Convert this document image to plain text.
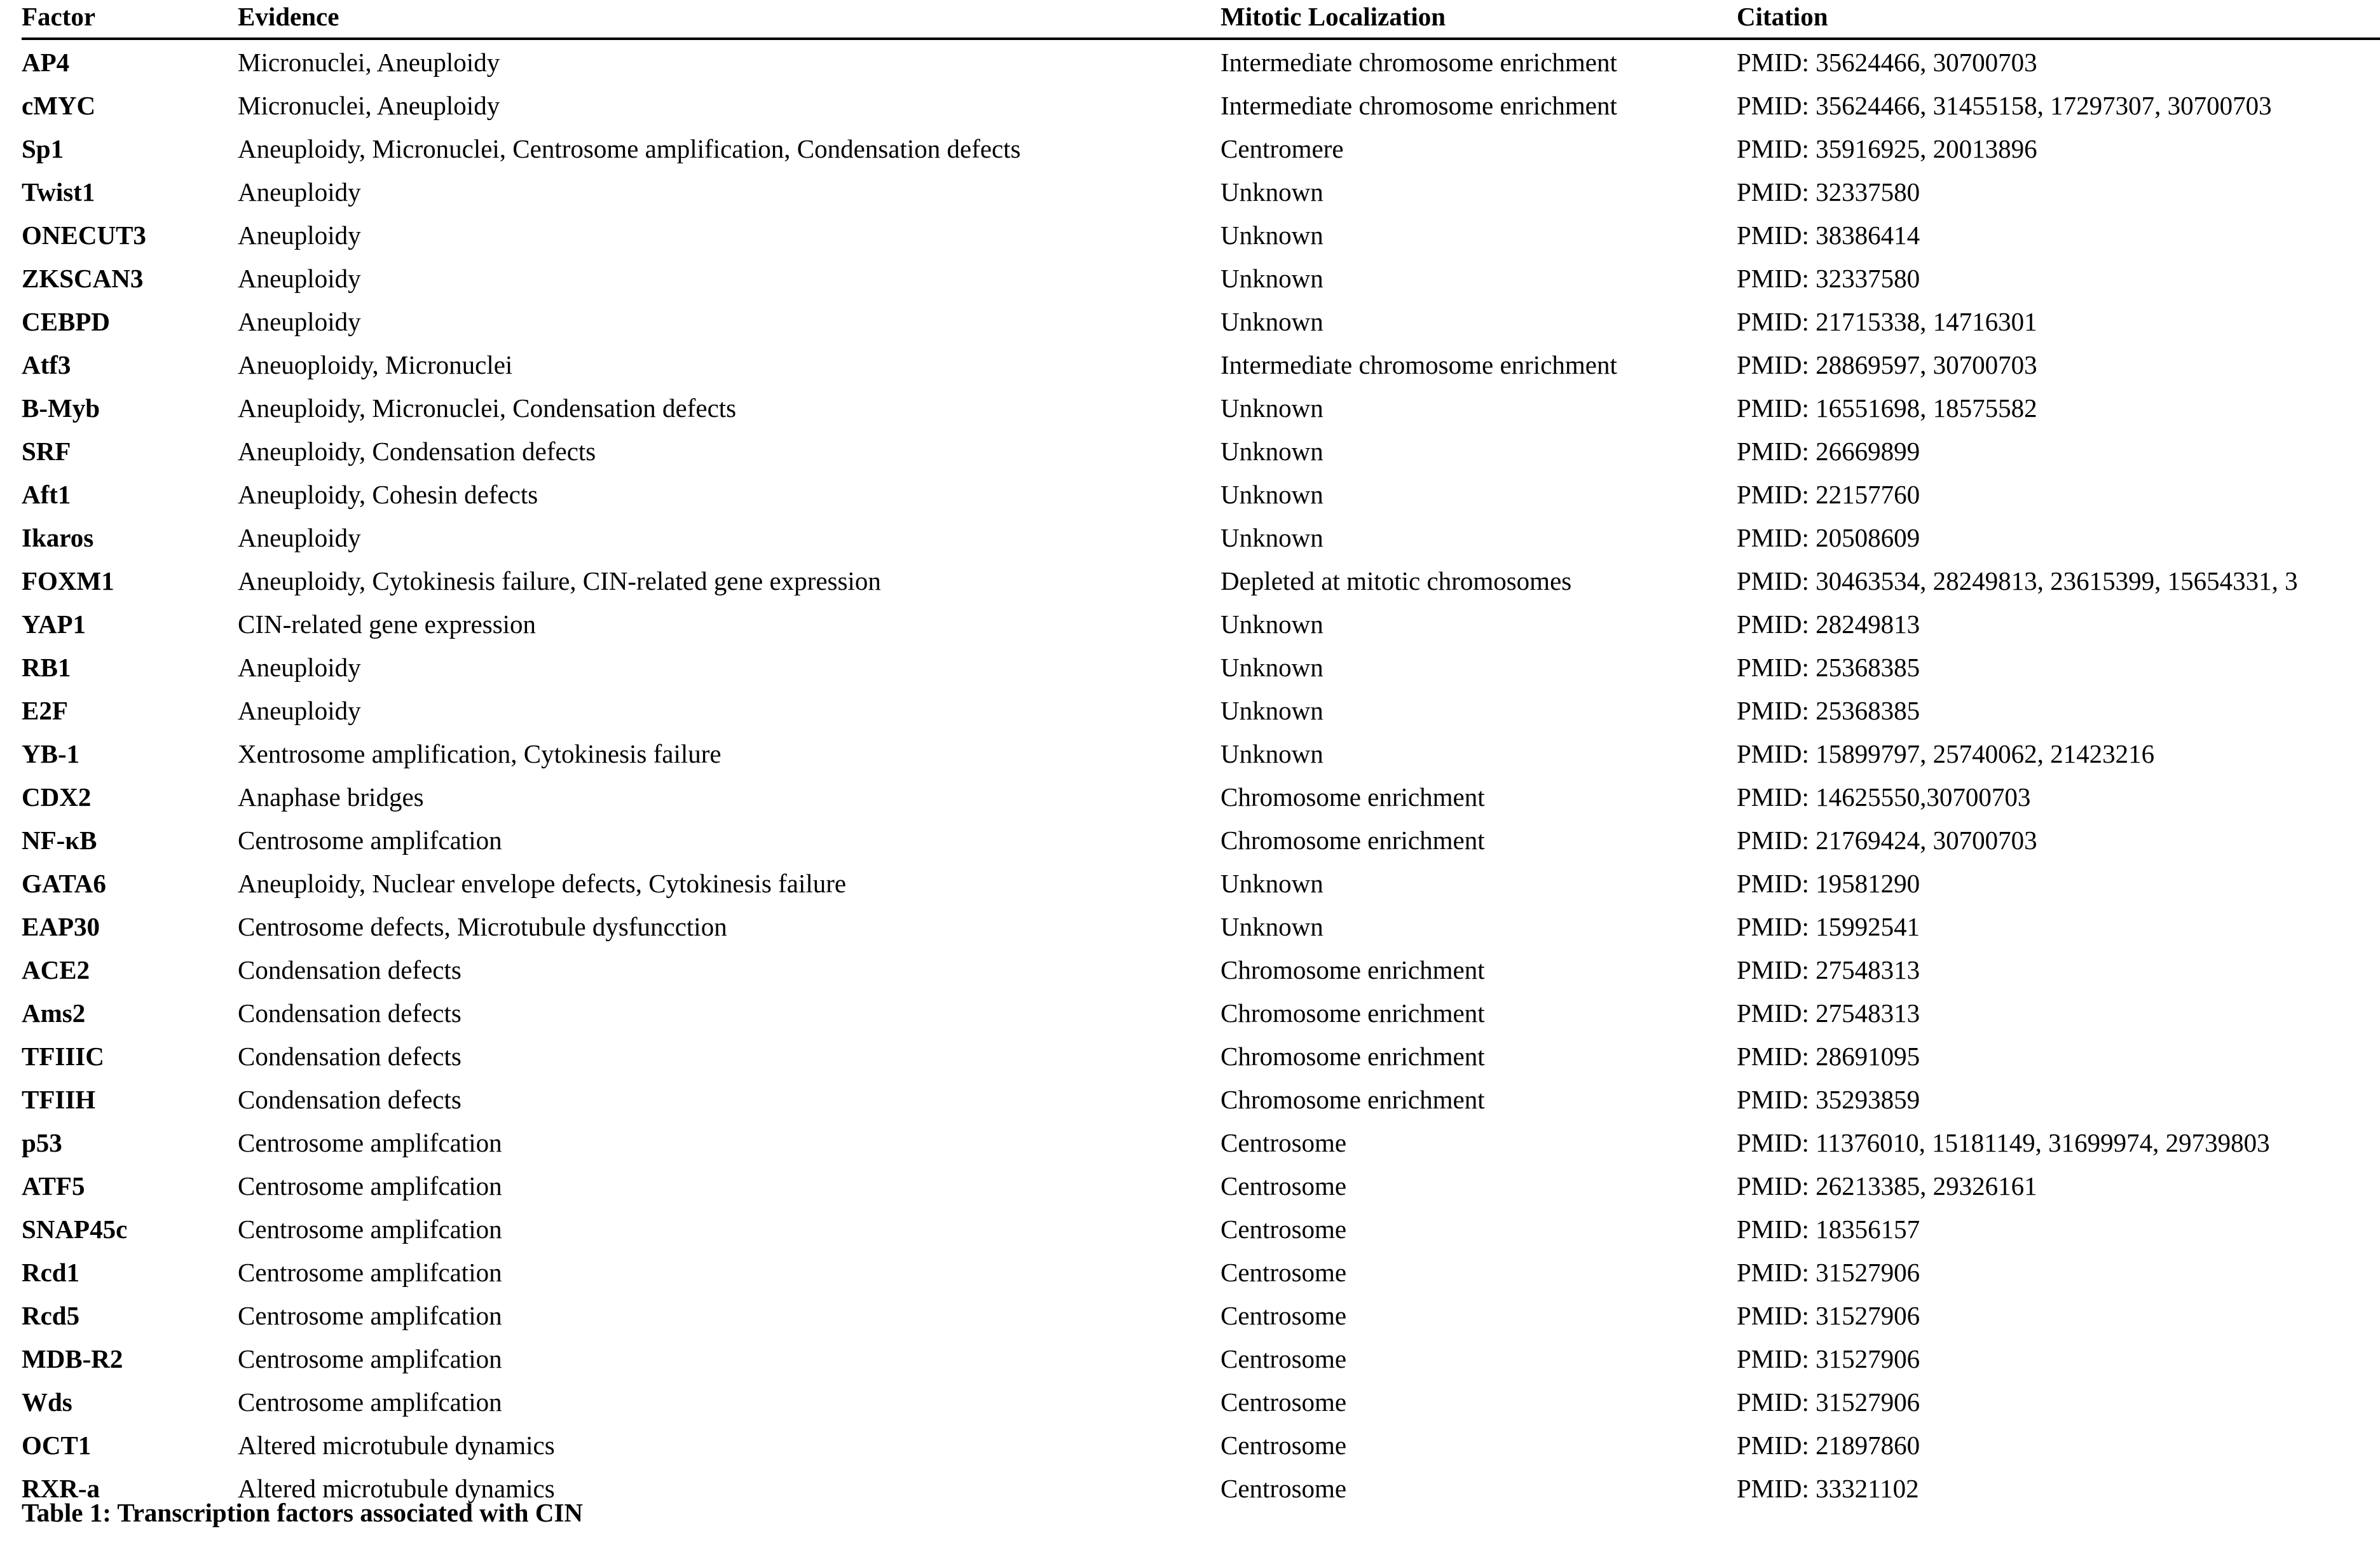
Factor	Evidence	Mitotic Localization	Citation

AP4	Micronuclei, Aneuploidy	Intermediate chromosome enrichment	PMID: 35624466, 30700703

cMYC	Micronuclei, Aneuploidy	Intermediate chromosome enrichment	PMID: 35624466, 31455158, 17297307, 30700703

Sp1	Aneuploidy, Micronuclei, Centrosome amplification, Condensation defects	Centromere	PMID: 35916925, 20013896

Twist1	Aneuploidy	Unknown	PMID: 32337580

ONECUT3	Aneuploidy	Unknown	PMID: 38386414

ZKSCAN3	Aneuploidy	Unknown	PMID: 32337580

CEBPD	Aneuploidy	Unknown	PMID: 21715338, 14716301

Atf3	Aneuoploidy, Micronuclei	Intermediate chromosome enrichment	PMID: 28869597, 30700703

B-Myb	Aneuploidy, Micronuclei, Condensation defects	Unknown	PMID: 16551698, 18575582

SRF	Aneuploidy, Condensation defects	Unknown	PMID: 26669899

Aft1	Aneuploidy, Cohesin defects	Unknown	PMID: 22157760

Ikaros	Aneuploidy	Unknown	PMID: 20508609

FOXM1	Aneuploidy, Cytokinesis failure, CIN-related gene expression	Depleted at mitotic chromosomes	PMID: 30463534, 28249813, 23615399, 15654331, 3

YAP1	CIN-related gene expression	Unknown	PMID: 28249813

RB1	Aneuploidy	Unknown	PMID: 25368385

E2F	Aneuploidy	Unknown	PMID: 25368385

YB-1	Xentrosome amplification, Cytokinesis failure	Unknown	PMID: 15899797, 25740062, 21423216

CDX2	Anaphase bridges	Chromosome enrichment	PMID: 14625550,30700703

NF-κB	Centrosome amplifcation	Chromosome enrichment	PMID: 21769424, 30700703

GATA6	Aneuploidy, Nuclear envelope defects, Cytokinesis failure	Unknown	PMID: 19581290

EAP30	Centrosome defects, Microtubule dysfuncction	Unknown	PMID: 15992541

ACE2	Condensation defects	Chromosome enrichment	PMID: 27548313

Ams2	Condensation defects	Chromosome enrichment	PMID: 27548313

TFIIIC	Condensation defects	Chromosome enrichment	PMID: 28691095

TFIIH	Condensation defects	Chromosome enrichment	PMID: 35293859

p53	Centrosome amplifcation	Centrosome	PMID: 11376010, 15181149, 31699974, 29739803

ATF5	Centrosome amplifcation	Centrosome	PMID: 26213385, 29326161

SNAP45c	Centrosome amplifcation	Centrosome	PMID: 18356157

Rcd1	Centrosome amplifcation	Centrosome	PMID: 31527906

Rcd5	Centrosome amplifcation	Centrosome	PMID: 31527906

MDB-R2	Centrosome amplifcation	Centrosome	PMID: 31527906

Wds	Centrosome amplifcation	Centrosome	PMID: 31527906

OCT1	Altered microtubule dynamics	Centrosome	PMID: 21897860

RXR-a	Altered microtubule dynamics	Centrosome	PMID: 33321102
Table 1: Transcription factors associated with CIN
